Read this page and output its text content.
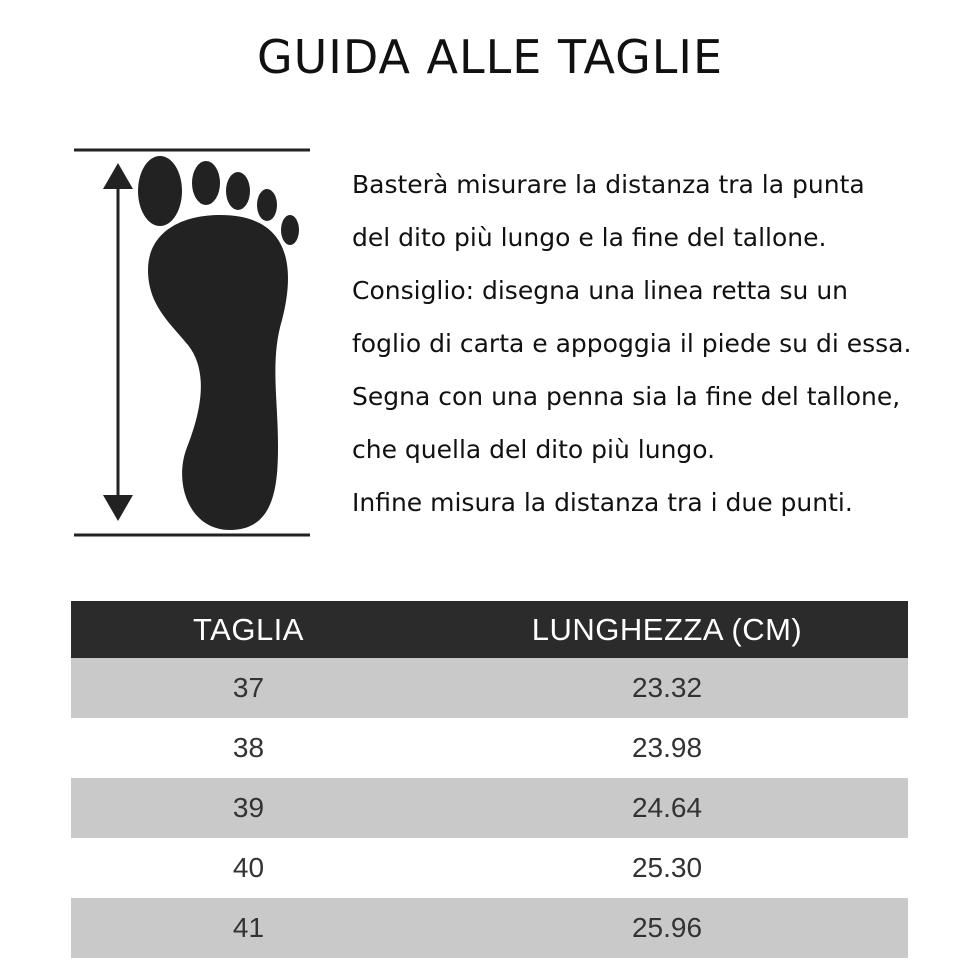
GUIDA ALLE TAGLIE

Basterà misurare la distanza tra la punta

del dito più lungo e la fine del tallone.

Consiglio: disegna una linea retta su un

foglio di carta e appoggia il piede su di essa.

Segna con una penna sia la fine del tallone,

che quella del dito più lungo.

Infine misura la distanza tra i due punti.

TAGLIA	LUNGHEZZA (CM)
37	23.32
38	23.98
39	24.64
40	25.30
41	25.96
